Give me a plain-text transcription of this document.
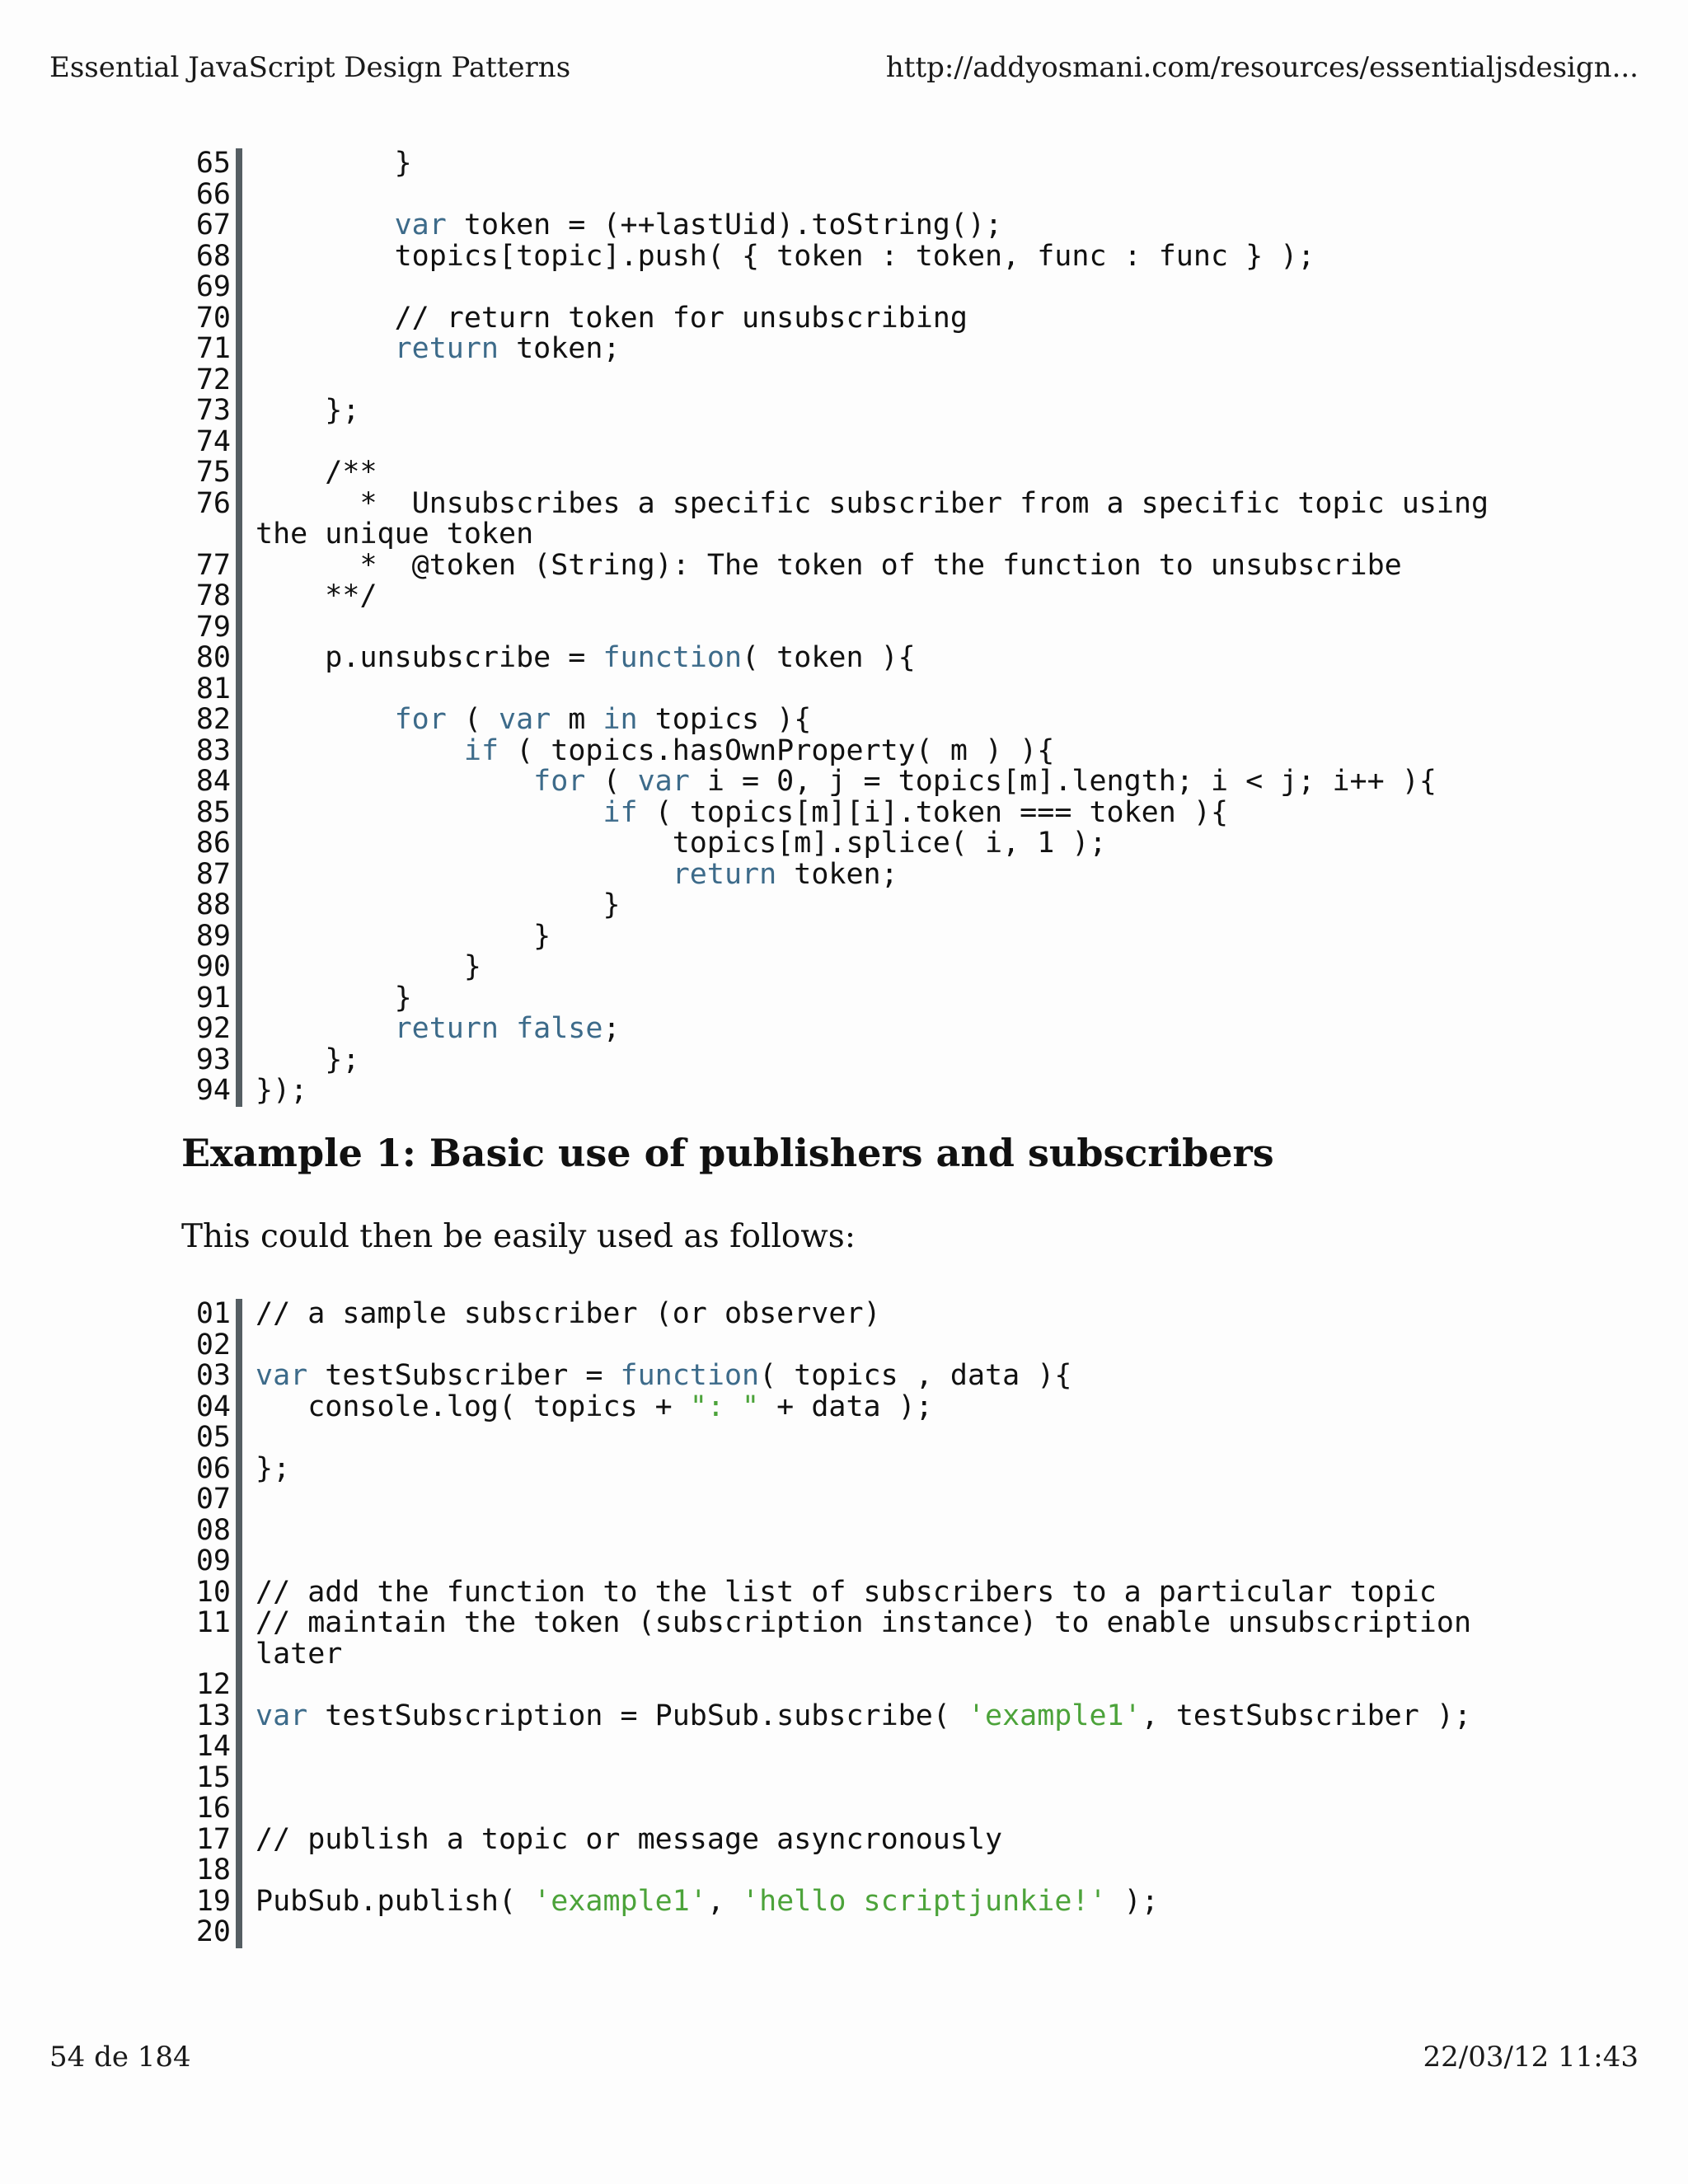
Essential JavaScript Design Patterns	http://addyosmani.com/resources/essentialjsdesign...
65 }
66

67	var token = (++lastUid).toString();
68 topics[topic].push( { token : token, func : func } );
69

70 // return token for unsubscribing
71	return token;
72

73 };
74

75 /**
76 *  Unsubscribes a specific subscriber from a specific topic using the unique token
77 *  @token (String): The token of the function to unsubscribe
78 **/
79

80 p.unsubscribe = function( token ){
81

82	for ( var m in topics ){
83	if ( topics.hasOwnProperty( m ) ){
84	for ( var i = 0, j = topics[m].length; i < j; i++ ){
85	if ( topics[m][i].token === token ){
86 topics[m].splice( i, 1 );
87	return token;
88 }
89 }
90 }
91 }
92	return false;
93 };
94 });
Example 1: Basic use of publishers and subscribers
This could then be easily used as follows:
01 // a sample subscriber (or observer)
02

03 var testSubscriber = function( topics , data ){
04 console.log( topics + ": " + data );
05

06 };
07

08

09

10 // add the function to the list of subscribers to a particular topic
11 // maintain the token (subscription instance) to enable unsubscription later
12

13 var testSubscription = PubSub.subscribe( 'example1', testSubscriber );
14

15

16

17 // publish a topic or message asyncronously
18

19 PubSub.publish( 'example1', 'hello scriptjunkie!' );
20

54 de 184	22/03/12 11:43
